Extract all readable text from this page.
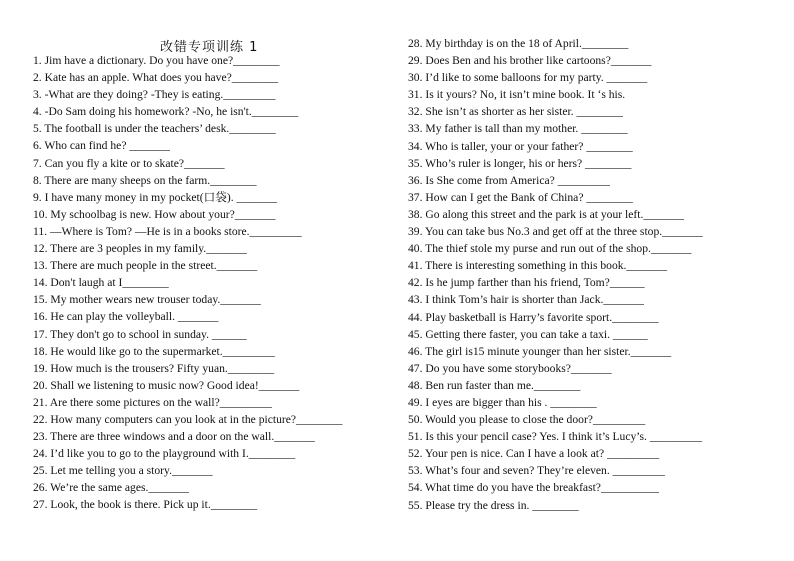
改错专项训练 1
1. Jim have a dictionary. Do you have one?________
2. Kate has an apple. What does you have?________
3. -What are they doing? -They is eating._________
4. -Do Sam doing his homework? -No, he isn't.________
5. The football is under the teachers’ desk.________
6. Who can find he? _______
7. Can you fly a kite or to skate?_______
8. There are many sheeps on the farm.________
9. I have many money in my pocket(口袋). _______
10. My schoolbag is new. How about your?_______
11. —Where is Tom? —He is in a books store._________
12. There are 3 peoples in my family._______
13. There are much people in the street._______
14. Don't laugh at I________
15. My mother wears new trouser today._______
16. He can play the volleyball. _______
17. They don't go to school in sunday. ______
18. He would like go to the supermarket._________
19. How much is the trousers? Fifty yuan.________
20. Shall we listening to music now? Good idea!_______
21. Are there some pictures on the wall?_________
22. How many computers can you look at in the picture?________
23. There are three windows and a door on the wall._______
24. I’d like you to go to the playground with I.________
25. Let me telling you a story._______
26. We’re the same ages._______
27. Look, the book is there. Pick up it.________
28. My birthday is on the 18 of April.________
29. Does Ben and his brother like cartoons?_______
30. I’d like to some balloons for my party. _______
31. Is it yours? No, it isn’t mine book. It ‘s his.
32. She isn’t as shorter as her sister. ________
33. My father is tall than my mother. ________
34. Who is taller, your or your father? ________
35. Who’s ruler is longer, his or hers? ________
36. Is She come from America? _________
37. How can I get the Bank of China? ________
38. Go along this street and the park is at your left._______
39. You can take bus No.3 and get off at the three stop._______
40. The thief stole my purse and run out of the shop._______
41. There is interesting something in this book._______
42. Is he jump farther than his friend, Tom?______
43. I think Tom’s hair is shorter than Jack._______
44. Play basketball is Harry’s favorite sport.________
45. Getting there faster, you can take a taxi. ______
46. The girl is15 minute younger than her sister._______
47. Do you have some storybooks?_______
48. Ben run faster than me.________
49. I eyes are bigger than his . ________
50. Would you please to close the door?_________
51. Is this your pencil case? Yes. I think it’s Lucy’s. _________
52. Your pen is nice. Can I have a look at? _________
53. What’s four and seven? They’re eleven. _________
54. What time do you have the breakfast?__________
55. Please try the dress in. ________
